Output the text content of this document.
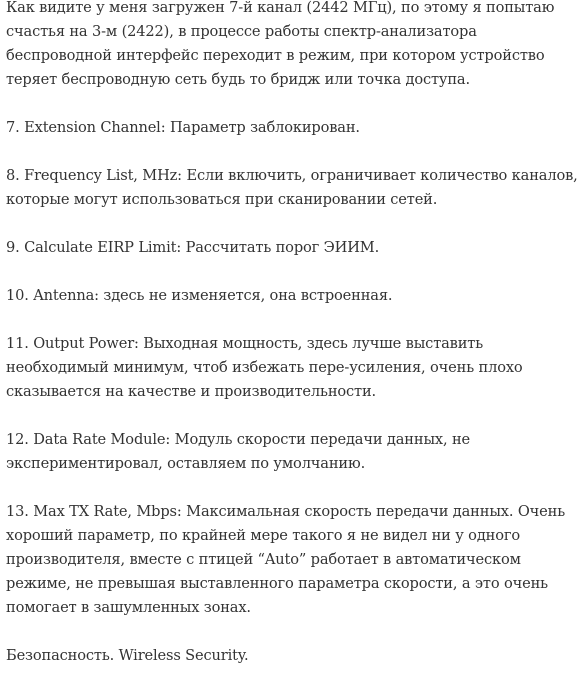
Как видите у меня загружен 7-й канал (2442 МГц), по этому я попытаю счастья на 3-м (2422), в процессе работы спектр-анализатора беспроводной интерфейс переходит в режим, при котором устройство теряет беспроводную сеть будь то бридж или точка доступа.

7. Extension Channel: Параметр заблокирован.

8. Frequency List, MHz: Если включить, ограничивает количество каналов, которые могут использоваться при сканировании сетей.

9. Calculate EIRP Limit: Рассчитать порог ЭИИМ.

10. Antenna: здесь не изменяется, она встроенная.

11. Output Power: Выходная мощность, здесь лучше выставить необходимый минимум, чтоб избежать пере-усиления, очень плохо сказывается на качестве и производительности.

12. Data Rate Module: Модуль скорости передачи данных, не экспериментировал, оставляем по умолчанию.

13. Max TX Rate, Mbps: Максимальная скорость передачи данных. Очень хороший параметр, по крайней мере такого я не видел ни у одного производителя, вместе с птицей “Auto” работает в автоматическом режиме, не превышая выставленного параметра скорости, а это очень помогает в зашумленных зонах.

Безопасность. Wireless Security.
